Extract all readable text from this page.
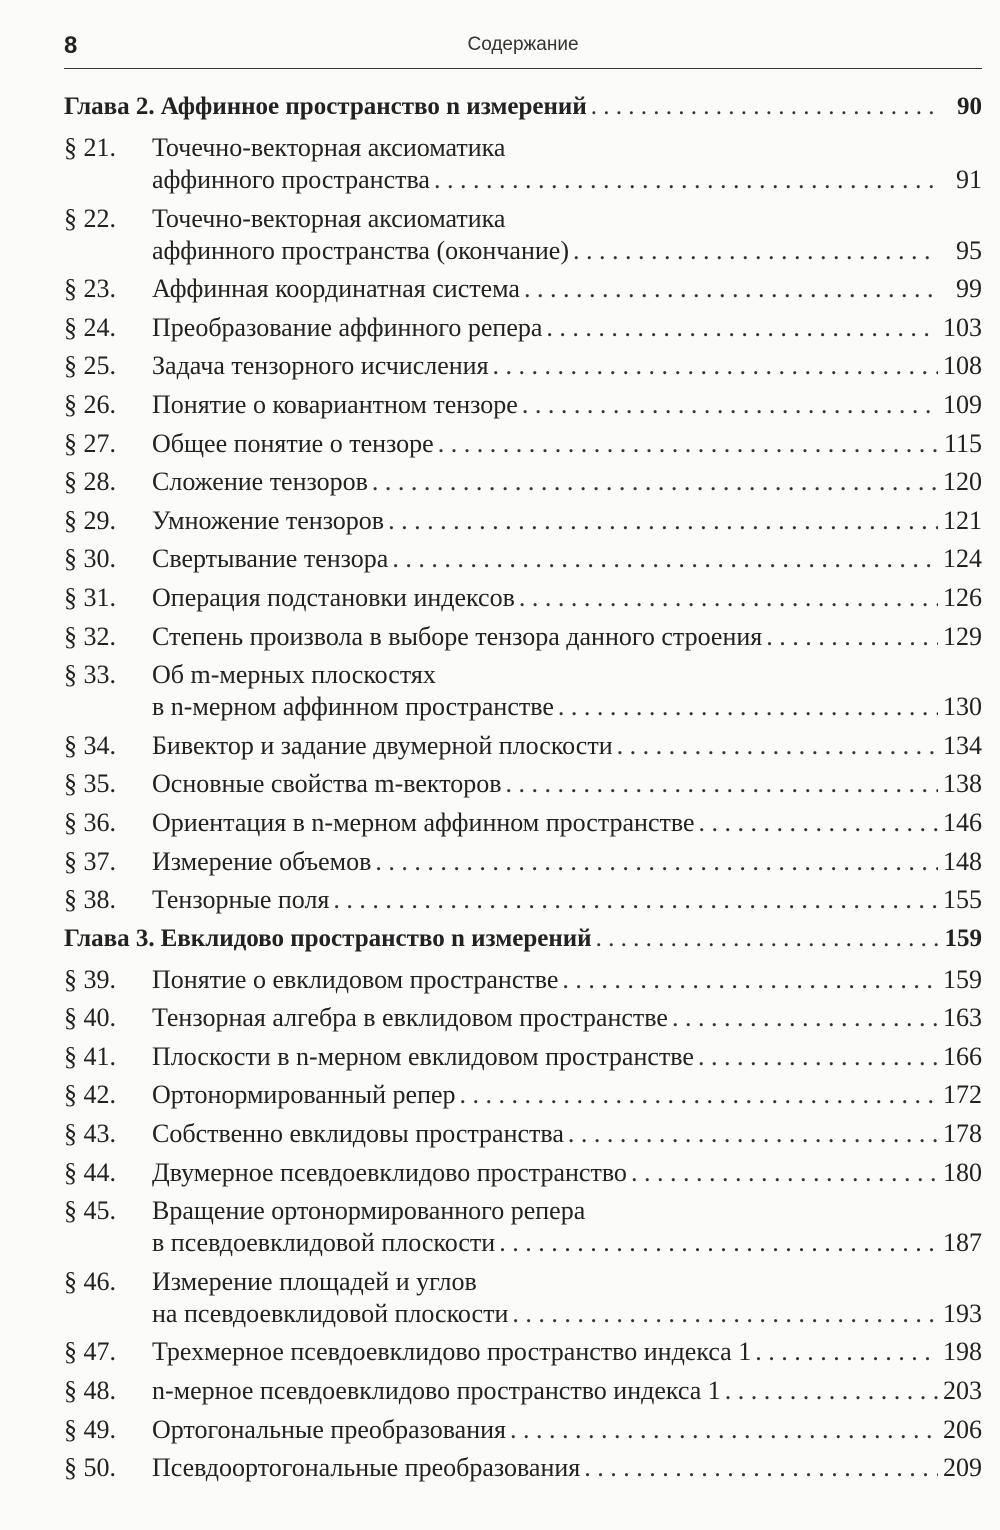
8	Содержание
Глава 2. Аффинное пространство n измерений . . .	90
§ 21.	Точечно-векторная аксиоматика
аффинного пространства . . .	91
§ 22.	Точечно-векторная аксиоматика
аффинного пространства (окончание) . . .	95
§ 23.	Аффинная координатная система . . .	99
§ 24.	Преобразование аффинного репера . . .	103
§ 25.	Задача тензорного исчисления . . .	108
§ 26.	Понятие о ковариантном тензоре . . .	109
§ 27.	Общее понятие о тензоре . . .	115
§ 28.	Сложение тензоров . . .	120
§ 29.	Умножение тензоров . . .	121
§ 30.	Свертывание тензора . . .	124
§ 31.	Операция подстановки индексов . . .	126
§ 32.	Степень произвола в выборе тензора данного строения . . .	129
§ 33.	Об m-мерных плоскостях
в n-мерном аффинном пространстве . . .	130
§ 34.	Бивектор и задание двумерной плоскости . . .	134
§ 35.	Основные свойства m-векторов . . .	138
§ 36.	Ориентация в n-мерном аффинном пространстве . . .	146
§ 37.	Измерение объемов . . .	148
§ 38.	Тензорные поля . . .	155
Глава 3. Евклидово пространство n измерений . . .	159
§ 39.	Понятие о евклидовом пространстве . . .	159
§ 40.	Тензорная алгебра в евклидовом пространстве . . .	163
§ 41.	Плоскости в n-мерном евклидовом пространстве . . .	166
§ 42.	Ортонормированный репер . . .	172
§ 43.	Собственно евклидовы пространства . . .	178
§ 44.	Двумерное псевдоевклидово пространство . . .	180
§ 45.	Вращение ортонормированного репера
в псевдоевклидовой плоскости . . .	187
§ 46.	Измерение площадей и углов
на псевдоевклидовой плоскости . . .	193
§ 47.	Трехмерное псевдоевклидово пространство индекса 1 . . .	198
§ 48.	n-мерное псевдоевклидово пространство индекса 1 . . .	203
§ 49.	Ортогональные преобразования . . .	206
§ 50.	Псевдоортогональные преобразования . . .	209
